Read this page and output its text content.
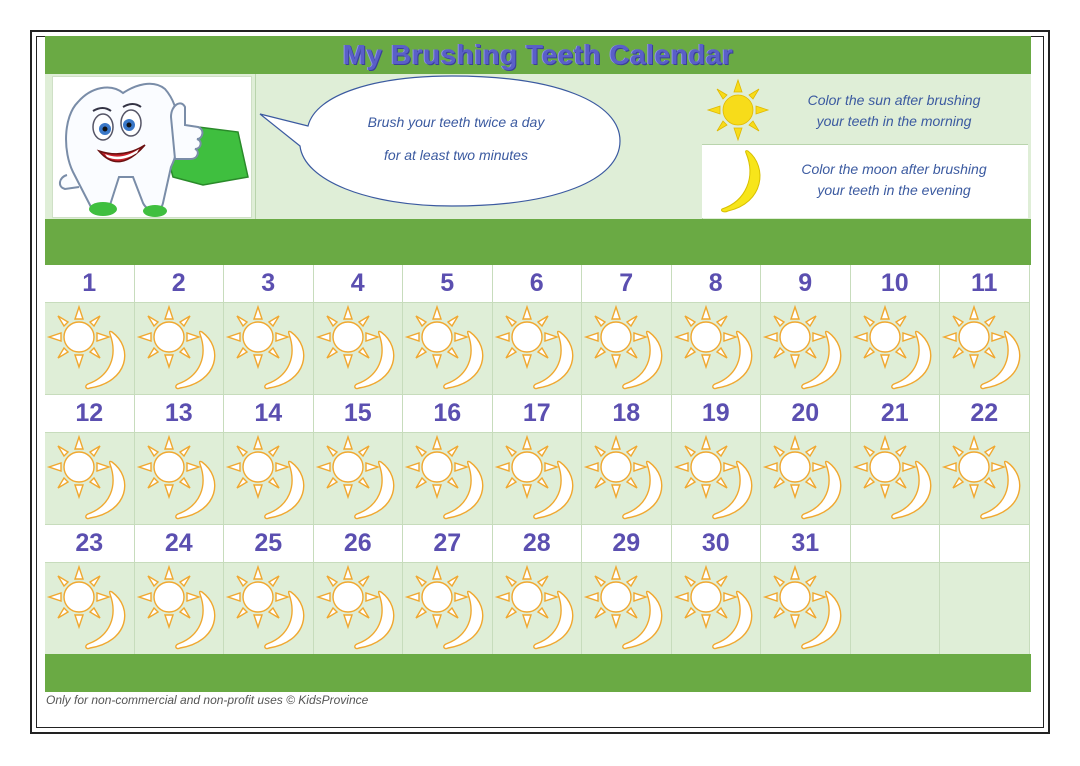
My Brushing Teeth Calendar
Brush your teeth twice a day
for at least two minutes
Color the sun after brushing
your teeth in the morning
Color the moon after brushing
your teeth in the evening
1	2	3	4	5	6	7	8	9	10	11
12	13	14	15	16	17	18	19	20	21	22
23	24	25	26	27	28	29	30	31
Only for non-commercial and non-profit uses © KidsProvince
